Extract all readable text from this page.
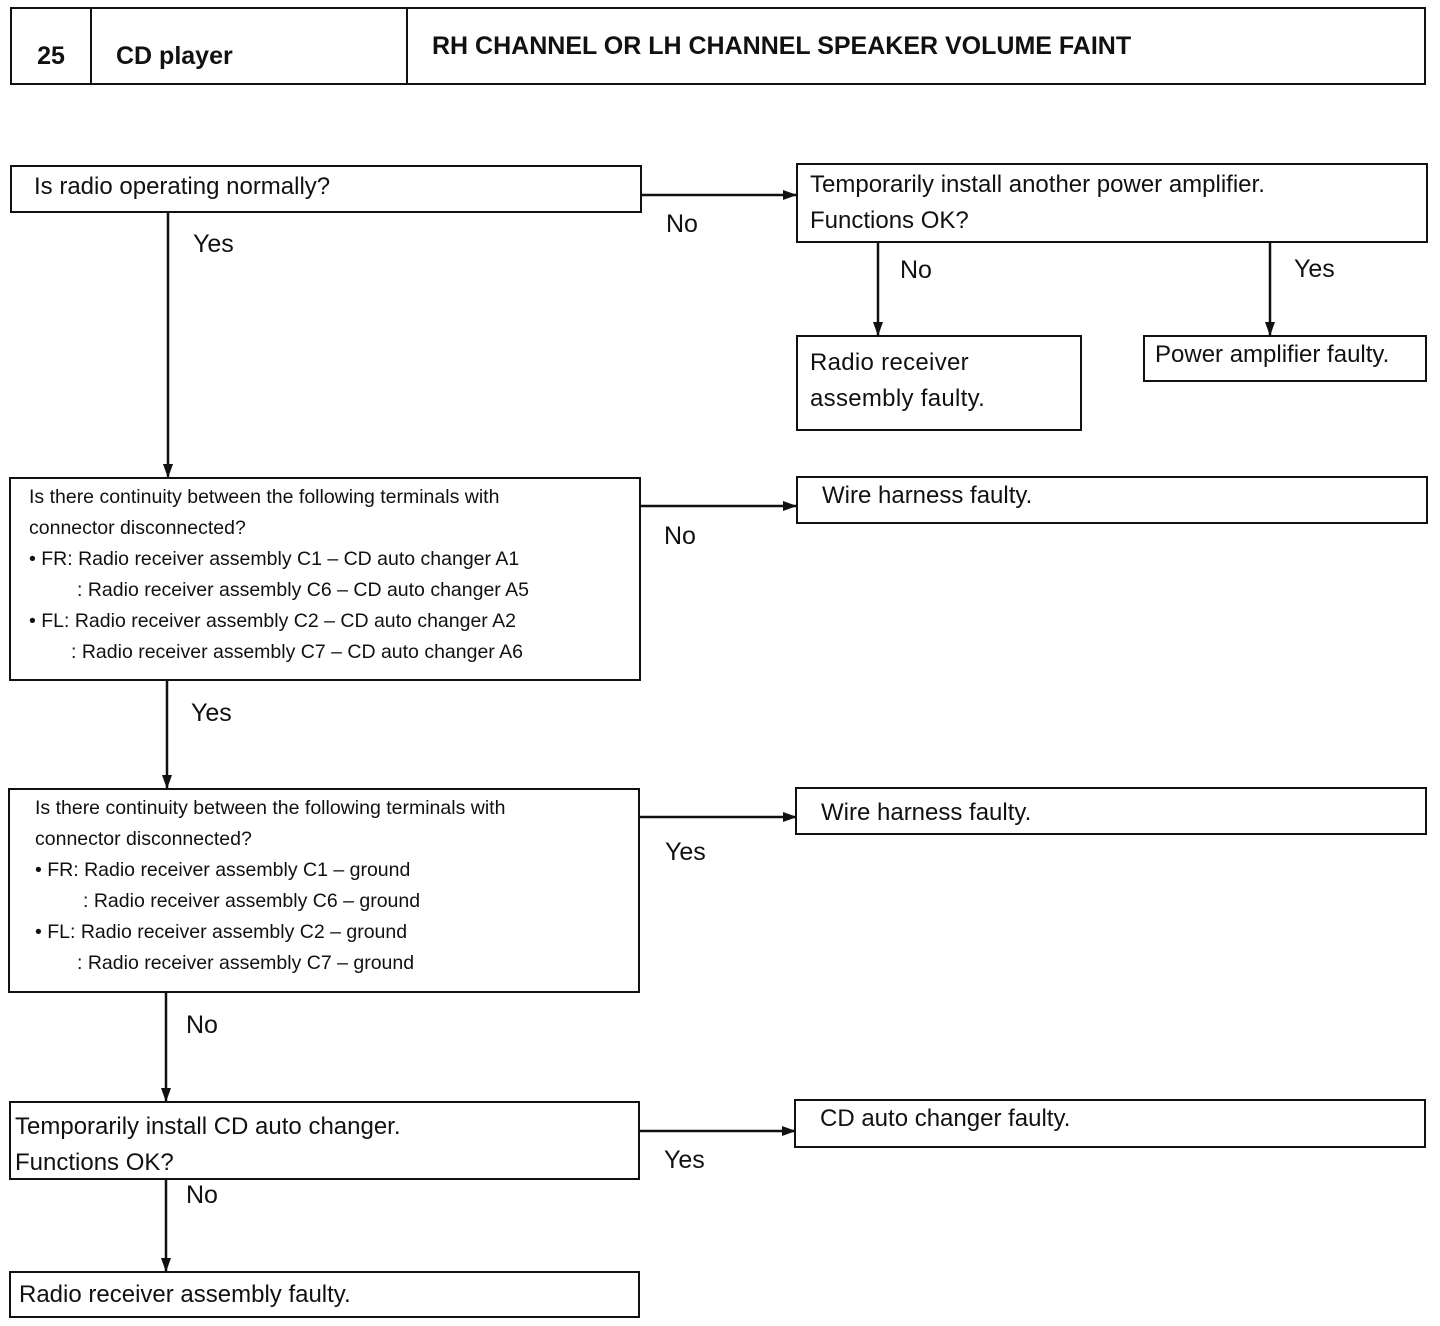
25	CD player	RH CHANNEL OR LH CHANNEL SPEAKER VOLUME FAINT
Is radio operating normally?	Temporarily install another power amplifier.
Functions OK?
Radio receiver
assembly faulty.
Power amplifier faulty.
Is there continuity between the following terminals with
connector disconnected?
• FR: Radio receiver assembly C1 – CD auto changer A1
: Radio receiver assembly C6 – CD auto changer A5
• FL: Radio receiver assembly C2 – CD auto changer A2
: Radio receiver assembly C7 – CD auto changer A6
Wire harness faulty.
Is there continuity between the following terminals with
connector disconnected?
• FR: Radio receiver assembly C1 – ground
: Radio receiver assembly C6 – ground
• FL: Radio receiver assembly C2 – ground
: Radio receiver assembly C7 – ground
Wire harness faulty.
Temporarily install CD auto changer.
Functions OK?
CD auto changer faulty.
Radio receiver assembly faulty.
Yes
No
No	Yes
No
Yes
Yes
No
Yes
No
